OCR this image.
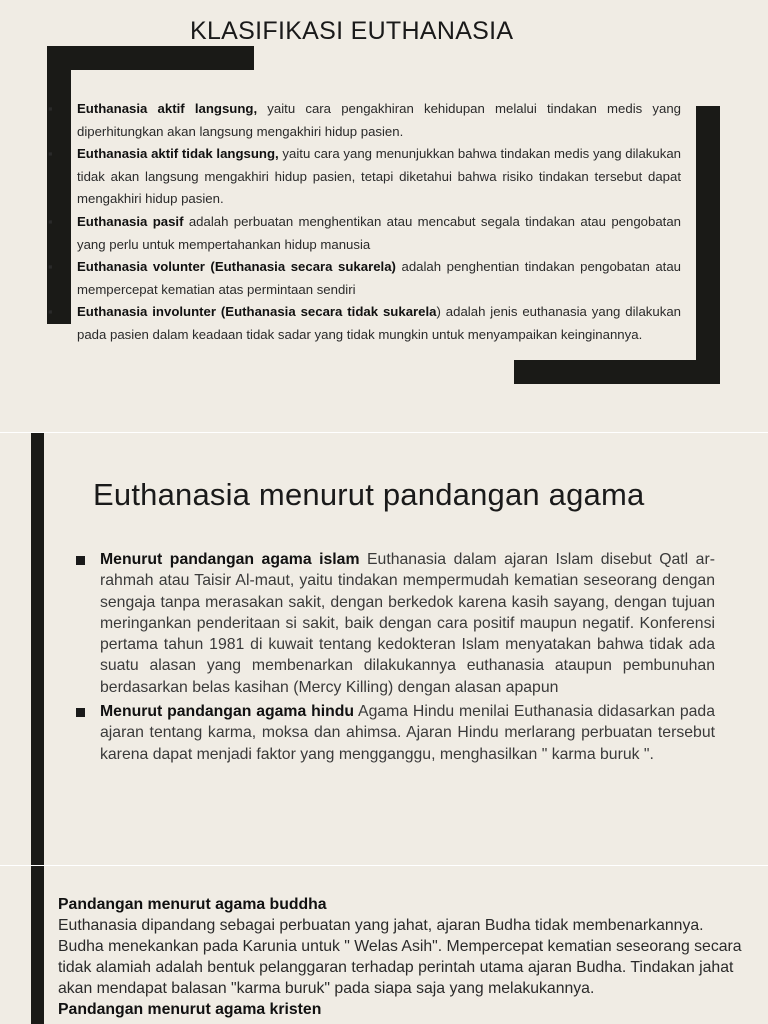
KLASIFIKASI EUTHANASIA
▪ Euthanasia aktif langsung, yaitu cara pengakhiran kehidupan melalui tindakan medis yang diperhitungkan akan langsung mengakhiri hidup pasien.
▪ Euthanasia aktif tidak langsung, yaitu cara yang menunjukkan bahwa tindakan medis yang dilakukan tidak akan langsung mengakhiri hidup pasien, tetapi diketahui bahwa risiko tindakan tersebut dapat mengakhiri hidup pasien.
▪ Euthanasia pasif adalah perbuatan menghentikan atau mencabut segala tindakan atau pengobatan yang perlu untuk mempertahankan hidup manusia
▪ Euthanasia volunter (Euthanasia secara sukarela) adalah penghentian tindakan pengobatan atau mempercepat kematian atas permintaan sendiri
▪ Euthanasia involunter (Euthanasia secara tidak sukarela) adalah jenis euthanasia yang dilakukan pada pasien dalam keadaan tidak sadar yang tidak mungkin untuk menyampaikan keinginannya.
Euthanasia menurut pandangan agama
Menurut pandangan agama islam Euthanasia dalam ajaran Islam disebut Qatl ar-rahmah atau Taisir Al-maut, yaitu tindakan mempermudah kematian seseorang dengan sengaja tanpa merasakan sakit, dengan berkedok karena kasih sayang, dengan tujuan meringankan penderitaan si sakit, baik dengan cara positif maupun negatif. Konferensi pertama tahun 1981 di kuwait tentang kedokteran Islam menyatakan bahwa tidak ada suatu alasan yang membenarkan dilakukannya euthanasia ataupun pembunuhan berdasarkan belas kasihan (Mercy Killing) dengan alasan apapun
Menurut pandangan agama hindu Agama Hindu menilai Euthanasia didasarkan pada ajaran tentang karma, moksa dan ahimsa. Ajaran Hindu merlarang perbuatan tersebut karena dapat menjadi faktor yang mengganggu, menghasilkan " karma buruk ".

Pandangan menurut agama buddha

Euthanasia dipandang sebagai perbuatan yang jahat, ajaran Budha tidak membenarkannya. Budha menekankan pada Karunia untuk " Welas Asih". Mempercepat kematian seseorang secara tidak alamiah adalah bentuk pelanggaran terhadap perintah utama ajaran Budha. Tindakan jahat akan mendapat balasan "karma buruk" pada siapa saja yang melakukannya.

Pandangan menurut agama kristen
